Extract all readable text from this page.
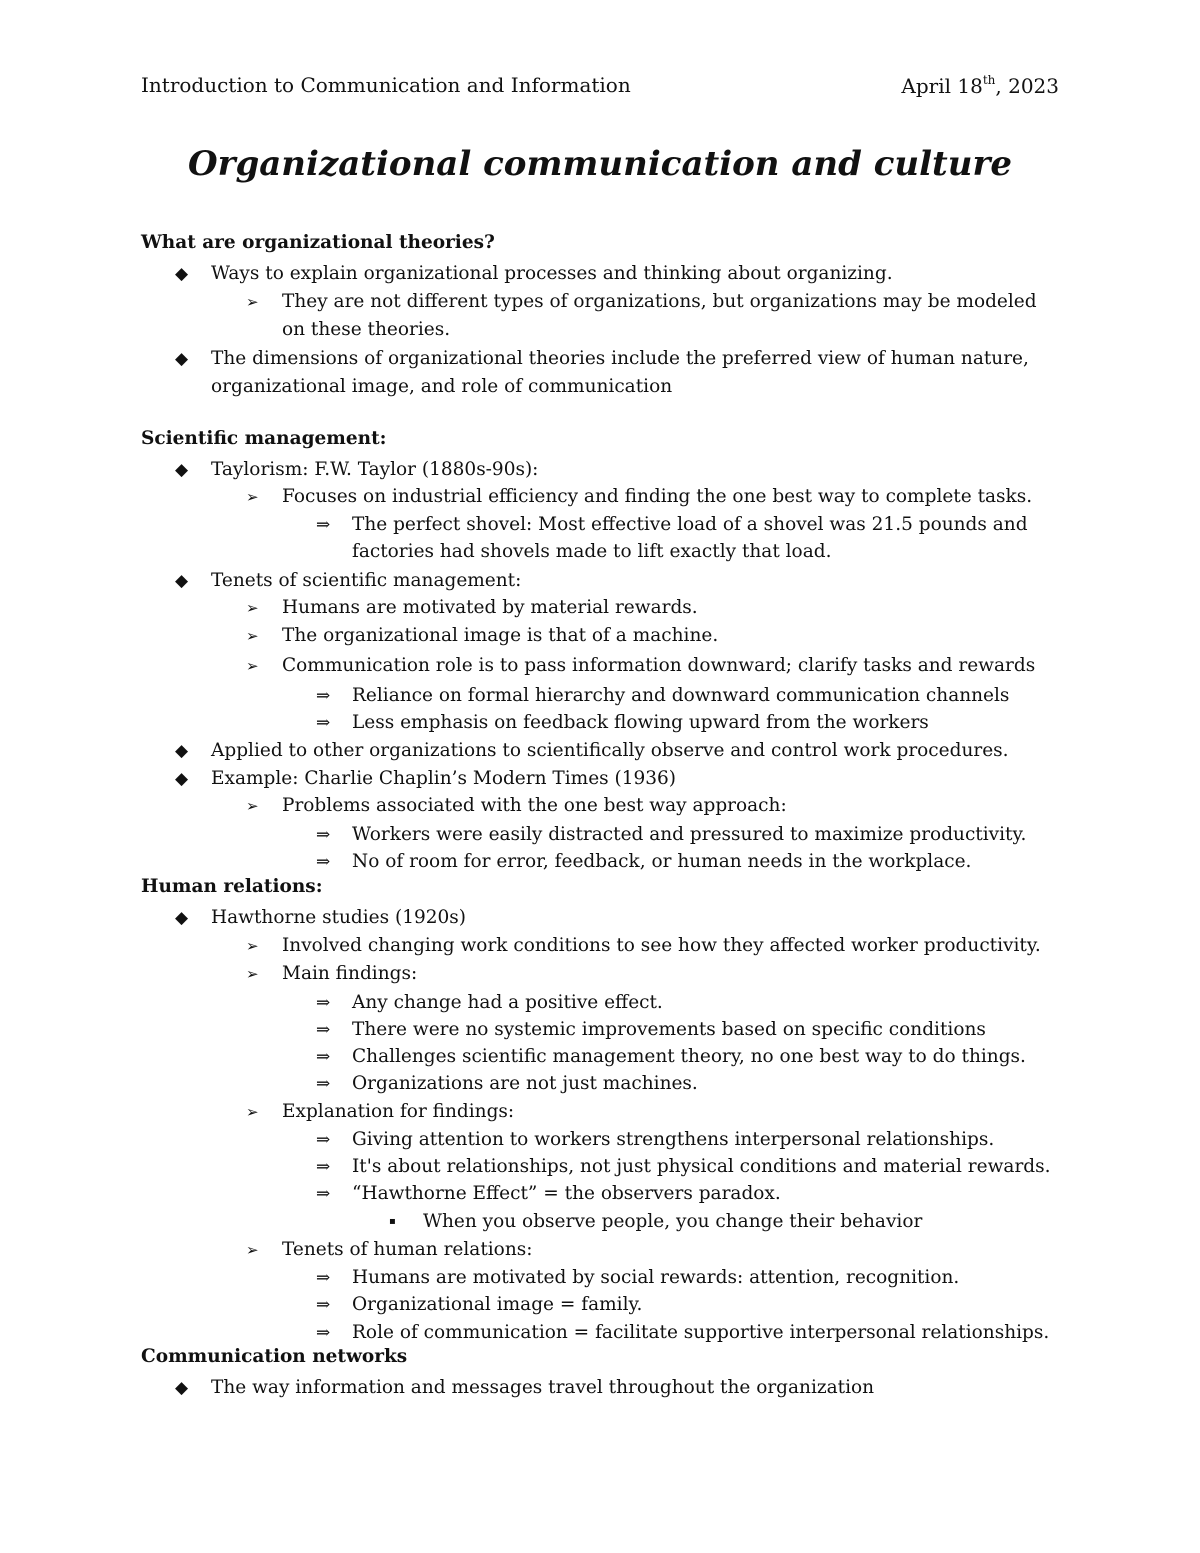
Introduction to Communication and Information	April 18th, 2023
Organizational communication and culture
What are organizational theories?
◆ Ways to explain organizational processes and thinking about organizing.
➢ They are not different types of organizations, but organizations may be modeled
on these theories.
◆ The dimensions of organizational theories include the preferred view of human nature,
organizational image, and role of communication
Scientific management:
◆ Taylorism: F.W. Taylor (1880s-90s):
➢ Focuses on industrial efficiency and finding the one best way to complete tasks.
⇒ The perfect shovel: Most effective load of a shovel was 21.5 pounds and
factories had shovels made to lift exactly that load.
◆ Tenets of scientific management:
➢ Humans are motivated by material rewards.
➢ The organizational image is that of a machine.
➢ Communication role is to pass information downward; clarify tasks and rewards
⇒ Reliance on formal hierarchy and downward communication channels
⇒ Less emphasis on feedback flowing upward from the workers
◆ Applied to other organizations to scientifically observe and control work procedures.
◆ Example: Charlie Chaplin’s Modern Times (1936)
➢ Problems associated with the one best way approach:
⇒ Workers were easily distracted and pressured to maximize productivity.
⇒ No of room for error, feedback, or human needs in the workplace.
Human relations:
◆ Hawthorne studies (1920s)
➢ Involved changing work conditions to see how they affected worker productivity.
➢ Main findings:
⇒ Any change had a positive effect.
⇒ There were no systemic improvements based on specific conditions
⇒ Challenges scientific management theory, no one best way to do things.
⇒ Organizations are not just machines.
➢ Explanation for findings:
⇒ Giving attention to workers strengthens interpersonal relationships.
⇒ It's about relationships, not just physical conditions and material rewards.
⇒ “Hawthorne Effect” = the observers paradox.
▪ When you observe people, you change their behavior
➢ Tenets of human relations:
⇒ Humans are motivated by social rewards: attention, recognition.
⇒ Organizational image = family.
⇒ Role of communication = facilitate supportive interpersonal relationships.
Communication networks
◆ The way information and messages travel throughout the organization
